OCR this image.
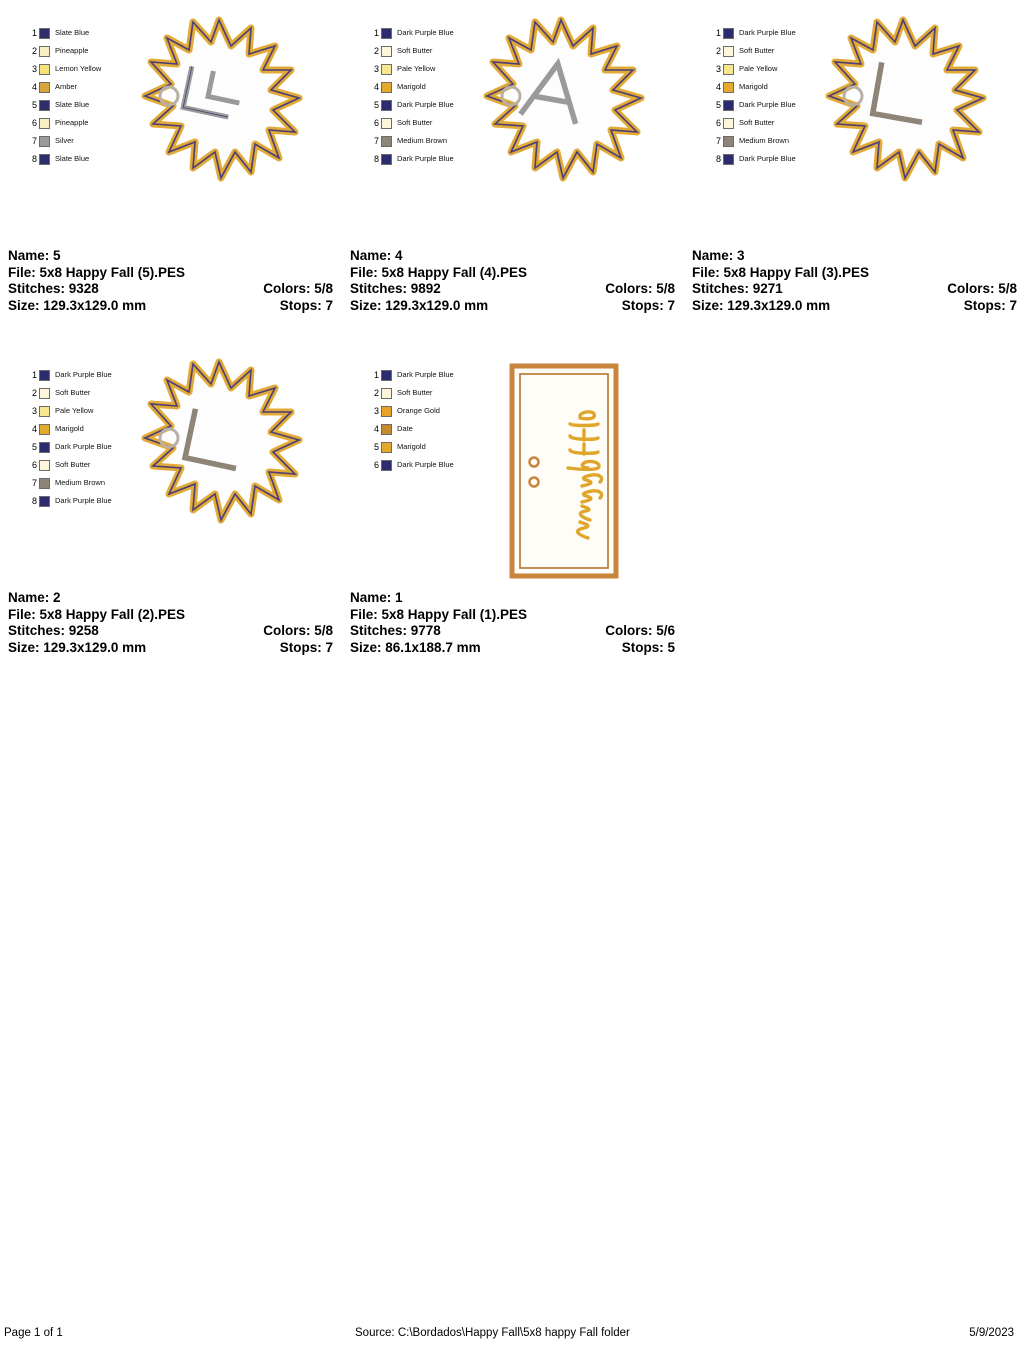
1 Slate Blue
2 Pineapple
3 Lemon Yellow
4 Amber
5 Slate Blue
6 Pineapple
7 Silver
8 Slate Blue
Name: 5
File: 5x8 Happy Fall (5).PES
Stitches: 9328	Colors: 5/8
Size: 129.3x129.0 mm	Stops: 7
1 Dark Purple Blue
2 Soft Butter
3 Pale Yellow
4 Marigold
5 Dark Purple Blue
6 Soft Butter
7 Medium Brown
8 Dark Purple Blue
Name: 4
File: 5x8 Happy Fall (4).PES
Stitches: 9892	Colors: 5/8
Size: 129.3x129.0 mm	Stops: 7
1 Dark Purple Blue
2 Soft Butter
3 Pale Yellow
4 Marigold
5 Dark Purple Blue
6 Soft Butter
7 Medium Brown
8 Dark Purple Blue
Name: 3
File: 5x8 Happy Fall (3).PES
Stitches: 9271	Colors: 5/8
Size: 129.3x129.0 mm	Stops: 7
1 Dark Purple Blue
2 Soft Butter
3 Pale Yellow
4 Marigold
5 Dark Purple Blue
6 Soft Butter
7 Medium Brown
8 Dark Purple Blue
Name: 2
File: 5x8 Happy Fall (2).PES
Stitches: 9258	Colors: 5/8
Size: 129.3x129.0 mm	Stops: 7
1 Dark Purple Blue
2 Soft Butter
3 Orange Gold
4 Date
5 Marigold
6 Dark Purple Blue
Name: 1
File: 5x8 Happy Fall (1).PES
Stitches: 9778	Colors: 5/6
Size: 86.1x188.7 mm	Stops: 5
Page 1 of 1	Source: C:\Bordados\Happy Fall\5x8 happy Fall folder	5/9/2023
